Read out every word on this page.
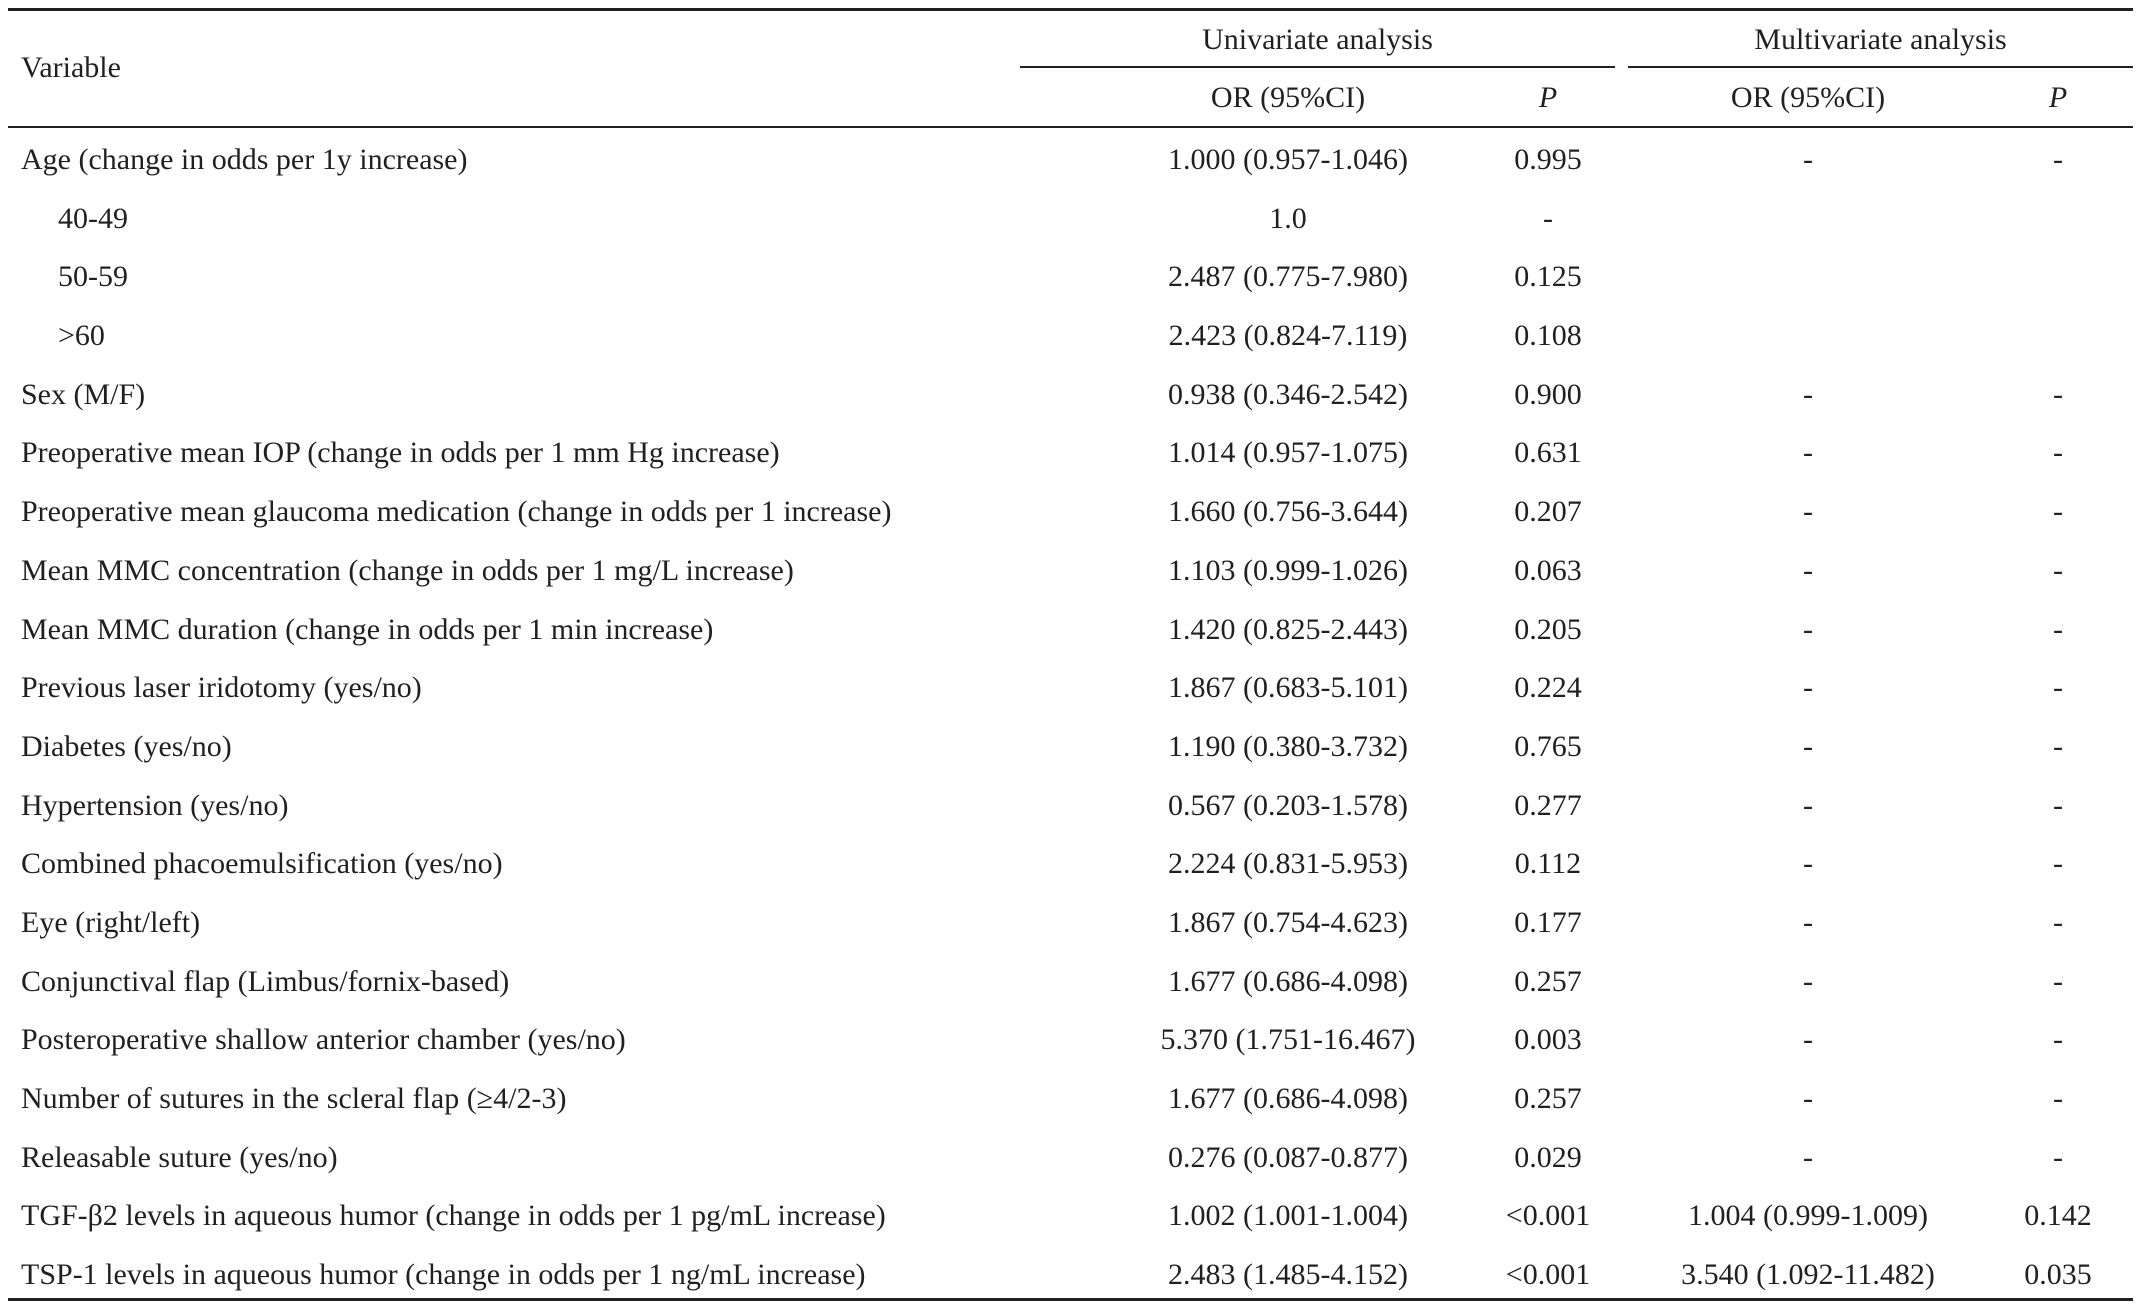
Variable
Univariate analysis	Multivariate analysis
OR (95%CI)	P	OR (95%CI)	P
Age (change in odds per 1y increase)	1.000 (0.957-1.046)	0.995	-	-
40-49	1.0	-
50-59	2.487 (0.775-7.980)	0.125
>60	2.423 (0.824-7.119)	0.108
Sex (M/F)	0.938 (0.346-2.542)	0.900	-	-
Preoperative mean IOP (change in odds per 1 mm Hg increase)	1.014 (0.957-1.075)	0.631	-	-
Preoperative mean glaucoma medication (change in odds per 1 increase)	1.660 (0.756-3.644)	0.207	-	-
Mean MMC concentration (change in odds per 1 mg/L increase)	1.103 (0.999-1.026)	0.063	-	-
Mean MMC duration (change in odds per 1 min increase)	1.420 (0.825-2.443)	0.205	-	-
Previous laser iridotomy (yes/no)	1.867 (0.683-5.101)	0.224	-	-
Diabetes (yes/no)	1.190 (0.380-3.732)	0.765	-	-
Hypertension (yes/no)	0.567 (0.203-1.578)	0.277	-	-
Combined phacoemulsification (yes/no)	2.224 (0.831-5.953)	0.112	-	-
Eye (right/left)	1.867 (0.754-4.623)	0.177	-	-
Conjunctival flap (Limbus/fornix-based)	1.677 (0.686-4.098)	0.257	-	-
Posteroperative shallow anterior chamber (yes/no)	5.370 (1.751-16.467)	0.003	-	-
Number of sutures in the scleral flap (≥4/2-3)	1.677 (0.686-4.098)	0.257	-	-
Releasable suture (yes/no)	0.276 (0.087-0.877)	0.029	-	-
TGF-β2 levels in aqueous humor (change in odds per 1 pg/mL increase)	1.002 (1.001-1.004)	<0.001	1.004 (0.999-1.009)	0.142
TSP-1 levels in aqueous humor (change in odds per 1 ng/mL increase)	2.483 (1.485-4.152)	<0.001	3.540 (1.092-11.482)	0.035
